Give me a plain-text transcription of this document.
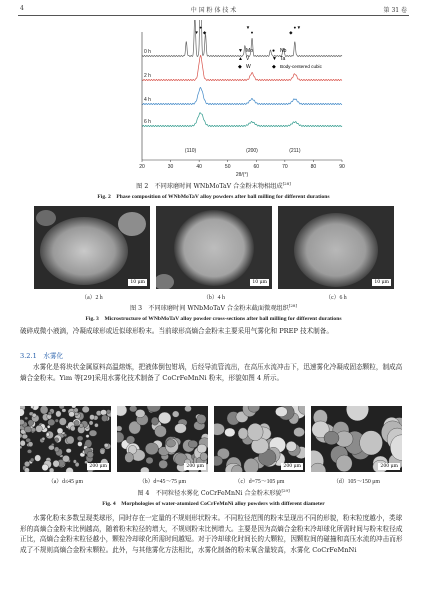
4	中 国 粉 体 技 术	第 31 卷
0 h
2 h
4 h
6 h
(110)	(200)	(211)
▼
●
◆
▼
●
▼
◆
●
20	30	40	50	60	70	80	90
2θ/(°)
▼ Mo	● Nb
▲ V	▼ Ta
◆ W	◆ Body-centered cubic
图 2　不同球磨时间 WNbMoTaV 合金粉末物相组成[28]
Fig. 2　Phase composition of WNbMoTaV alloy powders after ball milling for different durations
10 μm	10 μm	10 μm
（a）2 h	（b）4 h	（c）6 h
图 3　不同球磨时间 WNbMoTaV 合金粉末截面微观组织[28]
Fig. 3　Microstructure of WNbMoTaV alloy powder cross-sections after ball milling for different durations

破碎成微小液滴，冷凝成球形或近似球形粉末。当前球形高熵合金粉末主要采用气雾化和 PREP 技术制备。

3.2.1　水雾化

水雾化是将块状金属原料高温熔炼，把液体倒包钳埚，后经导流管流出，在高压水流冲击下，迅速雾化冷凝成固态颗粒，制成高熵合金粉末。Yim 等[29]采用水雾化技术制备了 CoCrFeMnNi 粉末，形貌如图 4 所示。

200 μm	200 μm	200 μm	200 μm
（a）d≤45 μm	（b）d=45～75 μm	（c）d=75～105 μm	（d）105～150 μm
图 4　不同粒径水雾化 CoCrFeMnNi 合金粉末形貌[29]
Fig. 4　Morphologies of water-atomized CoCrFeMnNi alloy powders with different diameter

水雾化粉末多数呈现类球形，同时存在一定量的不规则形状粉末。不同粒径范围的粉末呈现出不同的形貌，粉末粒度越小，类球形的高熵合金粉末比例越高，随着粉末粒径的增大，不规则粉末比例增大。主要是因为高熵合金粉末冷却球化所需时间与粉末粒径成正比，高熵合金粉末粒径越小，颗粒冷却球化所需时间越短。对于冷却球化时间长的大颗粒，因颗粒间的碰撞和高压水流的冲击而形成了不规则高熵合金粉末颗粒。此外，与其他雾化方法相比，水雾化制备的粉末氧含量较高，水雾化 CoCrFeMnNi
